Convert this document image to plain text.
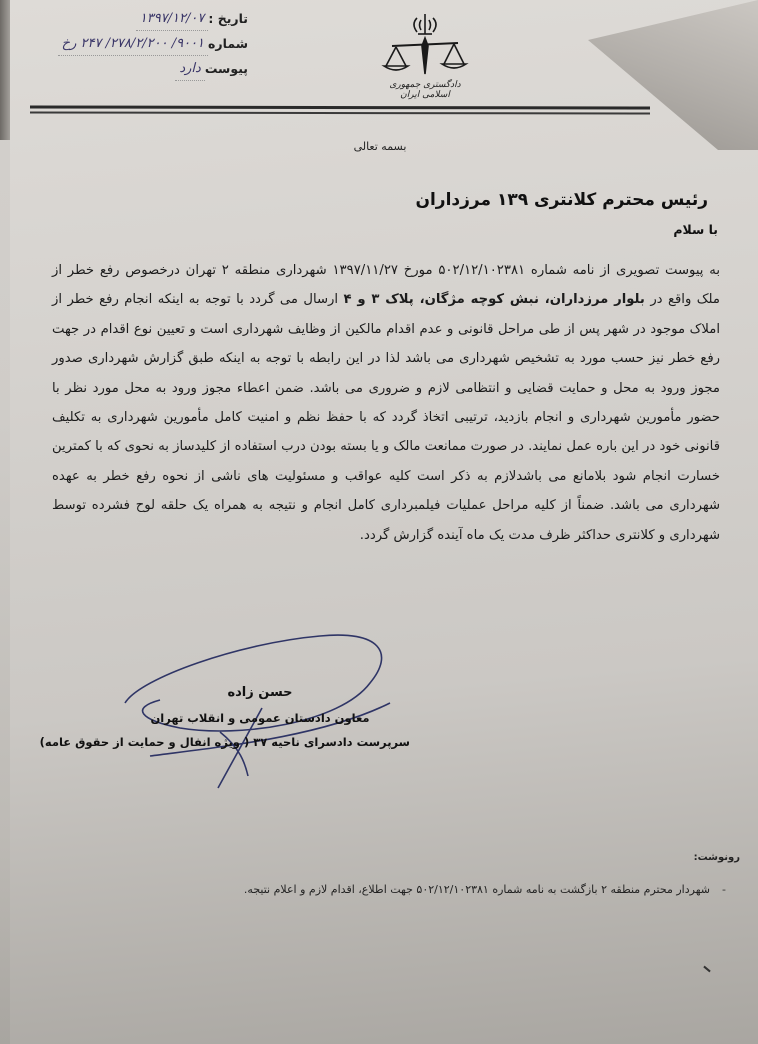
تاریخ :
۱۳۹۷/۱۲/۰۷
شماره
۹۰۰۱/ ۲۷۸/۲/۲۰۰/ ۲۴۷ رخ
پیوست
دارد
دادگستری جمهوری اسلامی ایران
بسمه تعالی
رئیس محترم کلانتری ۱۳۹ مرزداران
با سلام
به پیوست تصویری از نامه شماره ۵۰۲/۱۲/۱۰۲۳۸۱ مورخ ۱۳۹۷/۱۱/۲۷ شهرداری منطقه ۲ تهران درخصوص رفع خطر از ملک واقع در بلوار مرزداران، نبش کوچه مژگان، پلاک ۳ و ۴ ارسال می گردد با توجه به اینکه انجام رفع خطر از املاک موجود در شهر پس از طی مراحل قانونی و عدم اقدام مالکین از وظایف شهرداری است و تعیین نوع اقدام در جهت رفع خطر نیز حسب مورد به تشخیص شهرداری می باشد لذا در این رابطه با توجه به اینکه طبق گزارش شهرداری صدور مجوز ورود به محل و حمایت قضایی و انتظامی لازم و ضروری می باشد. ضمن اعطاء مجوز ورود به محل مورد نظر با حضور مأمورین شهرداری و انجام بازدید، ترتیبی اتخاذ گردد که با حفظ نظم و امنیت کامل مأمورین شهرداری به تکلیف قانونی خود در این باره عمل نمایند. در صورت ممانعت مالک و یا بسته بودن درب استفاده از کلیدساز به نحوی که با کمترین خسارت انجام شود بلامانع می باشدلازم به ذکر است کلیه عواقب و مسئولیت های ناشی از نحوه رفع خطر به عهده شهرداری می باشد. ضمناً از کلیه مراحل عملیات فیلمبرداری کامل انجام و نتیجه به همراه یک حلقه لوح فشرده توسط شهرداری و کلانتری حداکثر ظرف مدت یک ماه آینده گزارش گردد.
حسن زاده
معاون دادستان عمومی و انقلاب تهران
سرپرست دادسرای ناحیه ۳۷ ( ویژه انفال و حمایت از حقوق عامه)
رونوشت:
-
شهردار محترم منطقه ۲ بازگشت به نامه شماره ۵۰۲/۱۲/۱۰۲۳۸۱ جهت اطلاع، اقدام لازم و اعلام نتیجه.
